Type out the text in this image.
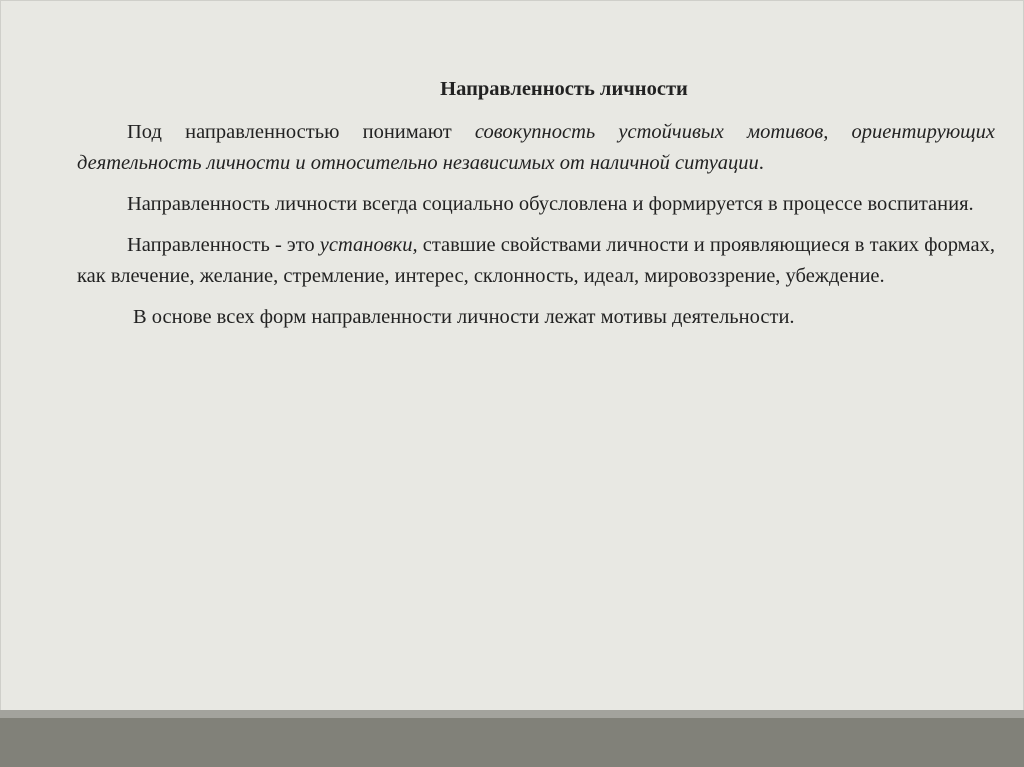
Направленность личности

Под направленностью понимают совокупность устойчивых мотивов, ориентирующих деятельность личности и относительно независимых от наличной ситуации.

Направленность личности всегда социально обусловлена и формируется в процессе воспитания.

Направленность - это установки, ставшие свойствами личности и проявляющиеся в таких формах, как влечение, желание, стремление, интерес, склонность, идеал, мировоззрение, убеждение.

В основе всех форм направленности личности лежат мотивы деятельности.
